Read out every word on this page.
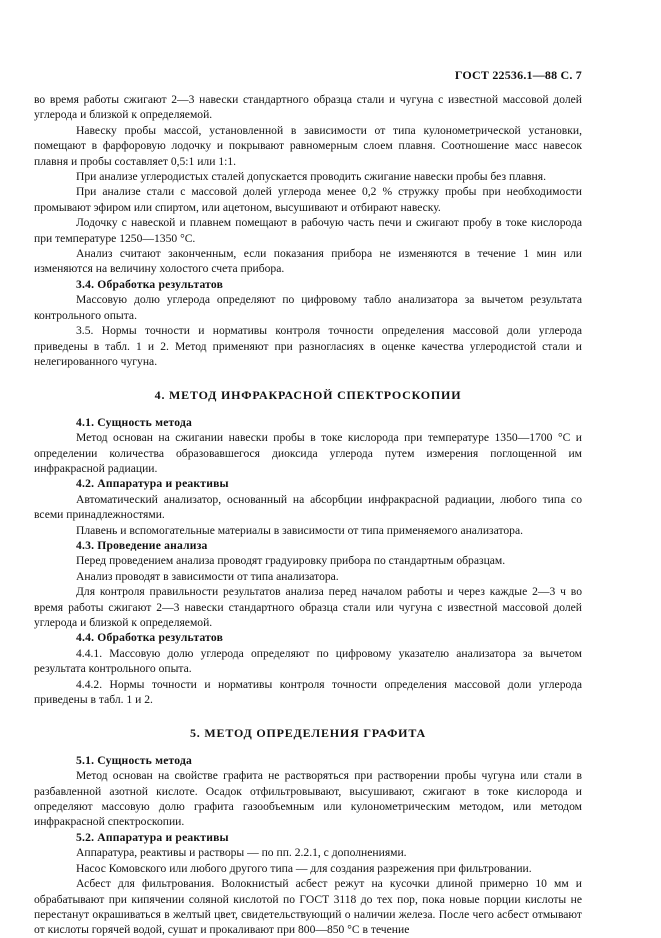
ГОСТ 22536.1—88 С. 7
во время работы сжигают 2—3 навески стандартного образца стали и чугуна с известной массовой долей углерода и близкой к определяемой.
Навеску пробы массой, установленной в зависимости от типа кулонометрической установки, помещают в фарфоровую лодочку и покрывают равномерным слоем плавня. Соотношение масс навесок плавня и пробы составляет 0,5:1 или 1:1.
При анализе углеродистых сталей допускается проводить сжигание навески пробы без плавня.
При анализе стали с массовой долей углерода менее 0,2 % стружку пробы при необходимости промывают эфиром или спиртом, или ацетоном, высушивают и отбирают навеску.
Лодочку с навеской и плавнем помещают в рабочую часть печи и сжигают пробу в токе кислорода при температуре 1250—1350 °С.
Анализ считают законченным, если показания прибора не изменяются в течение 1 мин или изменяются на величину холостого счета прибора.
3.4. Обработка результатов
Массовую долю углерода определяют по цифровому табло анализатора за вычетом результата контрольного опыта.
3.5. Нормы точности и нормативы контроля точности определения массовой доли углерода приведены в табл. 1 и 2. Метод применяют при разногласиях в оценке качества углеродистой стали и нелегированного чугуна.
4. МЕТОД ИНФРАКРАСНОЙ СПЕКТРОСКОПИИ
4.1. Сущность метода
Метод основан на сжигании навески пробы в токе кислорода при температуре 1350—1700 °С и определении количества образовавшегося диоксида углерода путем измерения поглощенной им инфракрасной радиации.
4.2. Аппаратура и реактивы
Автоматический анализатор, основанный на абсорбции инфракрасной радиации, любого типа со всеми принадлежностями.
Плавень и вспомогательные материалы в зависимости от типа применяемого анализатора.
4.3. Проведение анализа
Перед проведением анализа проводят градуировку прибора по стандартным образцам.
Анализ проводят в зависимости от типа анализатора.
Для контроля правильности результатов анализа перед началом работы и через каждые 2—3 ч во время работы сжигают 2—3 навески стандартного образца стали или чугуна с известной массовой долей углерода и близкой к определяемой.
4.4. Обработка результатов
4.4.1. Массовую долю углерода определяют по цифровому указателю анализатора за вычетом результата контрольного опыта.
4.4.2. Нормы точности и нормативы контроля точности определения массовой доли углерода приведены в табл. 1 и 2.
5. МЕТОД ОПРЕДЕЛЕНИЯ ГРАФИТА
5.1. Сущность метода
Метод основан на свойстве графита не растворяться при растворении пробы чугуна или стали в разбавленной азотной кислоте. Осадок отфильтровывают, высушивают, сжигают в токе кислорода и определяют массовую долю графита газообъемным или кулонометрическим методом, или методом инфракрасной спектроскопии.
5.2. Аппаратура и реактивы
Аппаратура, реактивы и растворы — по пп. 2.2.1, с дополнениями.
Насос Комовского или любого другого типа — для создания разрежения при фильтровании.
Асбест для фильтрования. Волокнистый асбест режут на кусочки длиной примерно 10 мм и обрабатывают при кипячении соляной кислотой по ГОСТ 3118 до тех пор, пока новые порции кислоты не перестанут окрашиваться в желтый цвет, свидетельствующий о наличии железа. После чего асбест отмывают от кислоты горячей водой, сушат и прокаливают при 800—850 °С в течение
